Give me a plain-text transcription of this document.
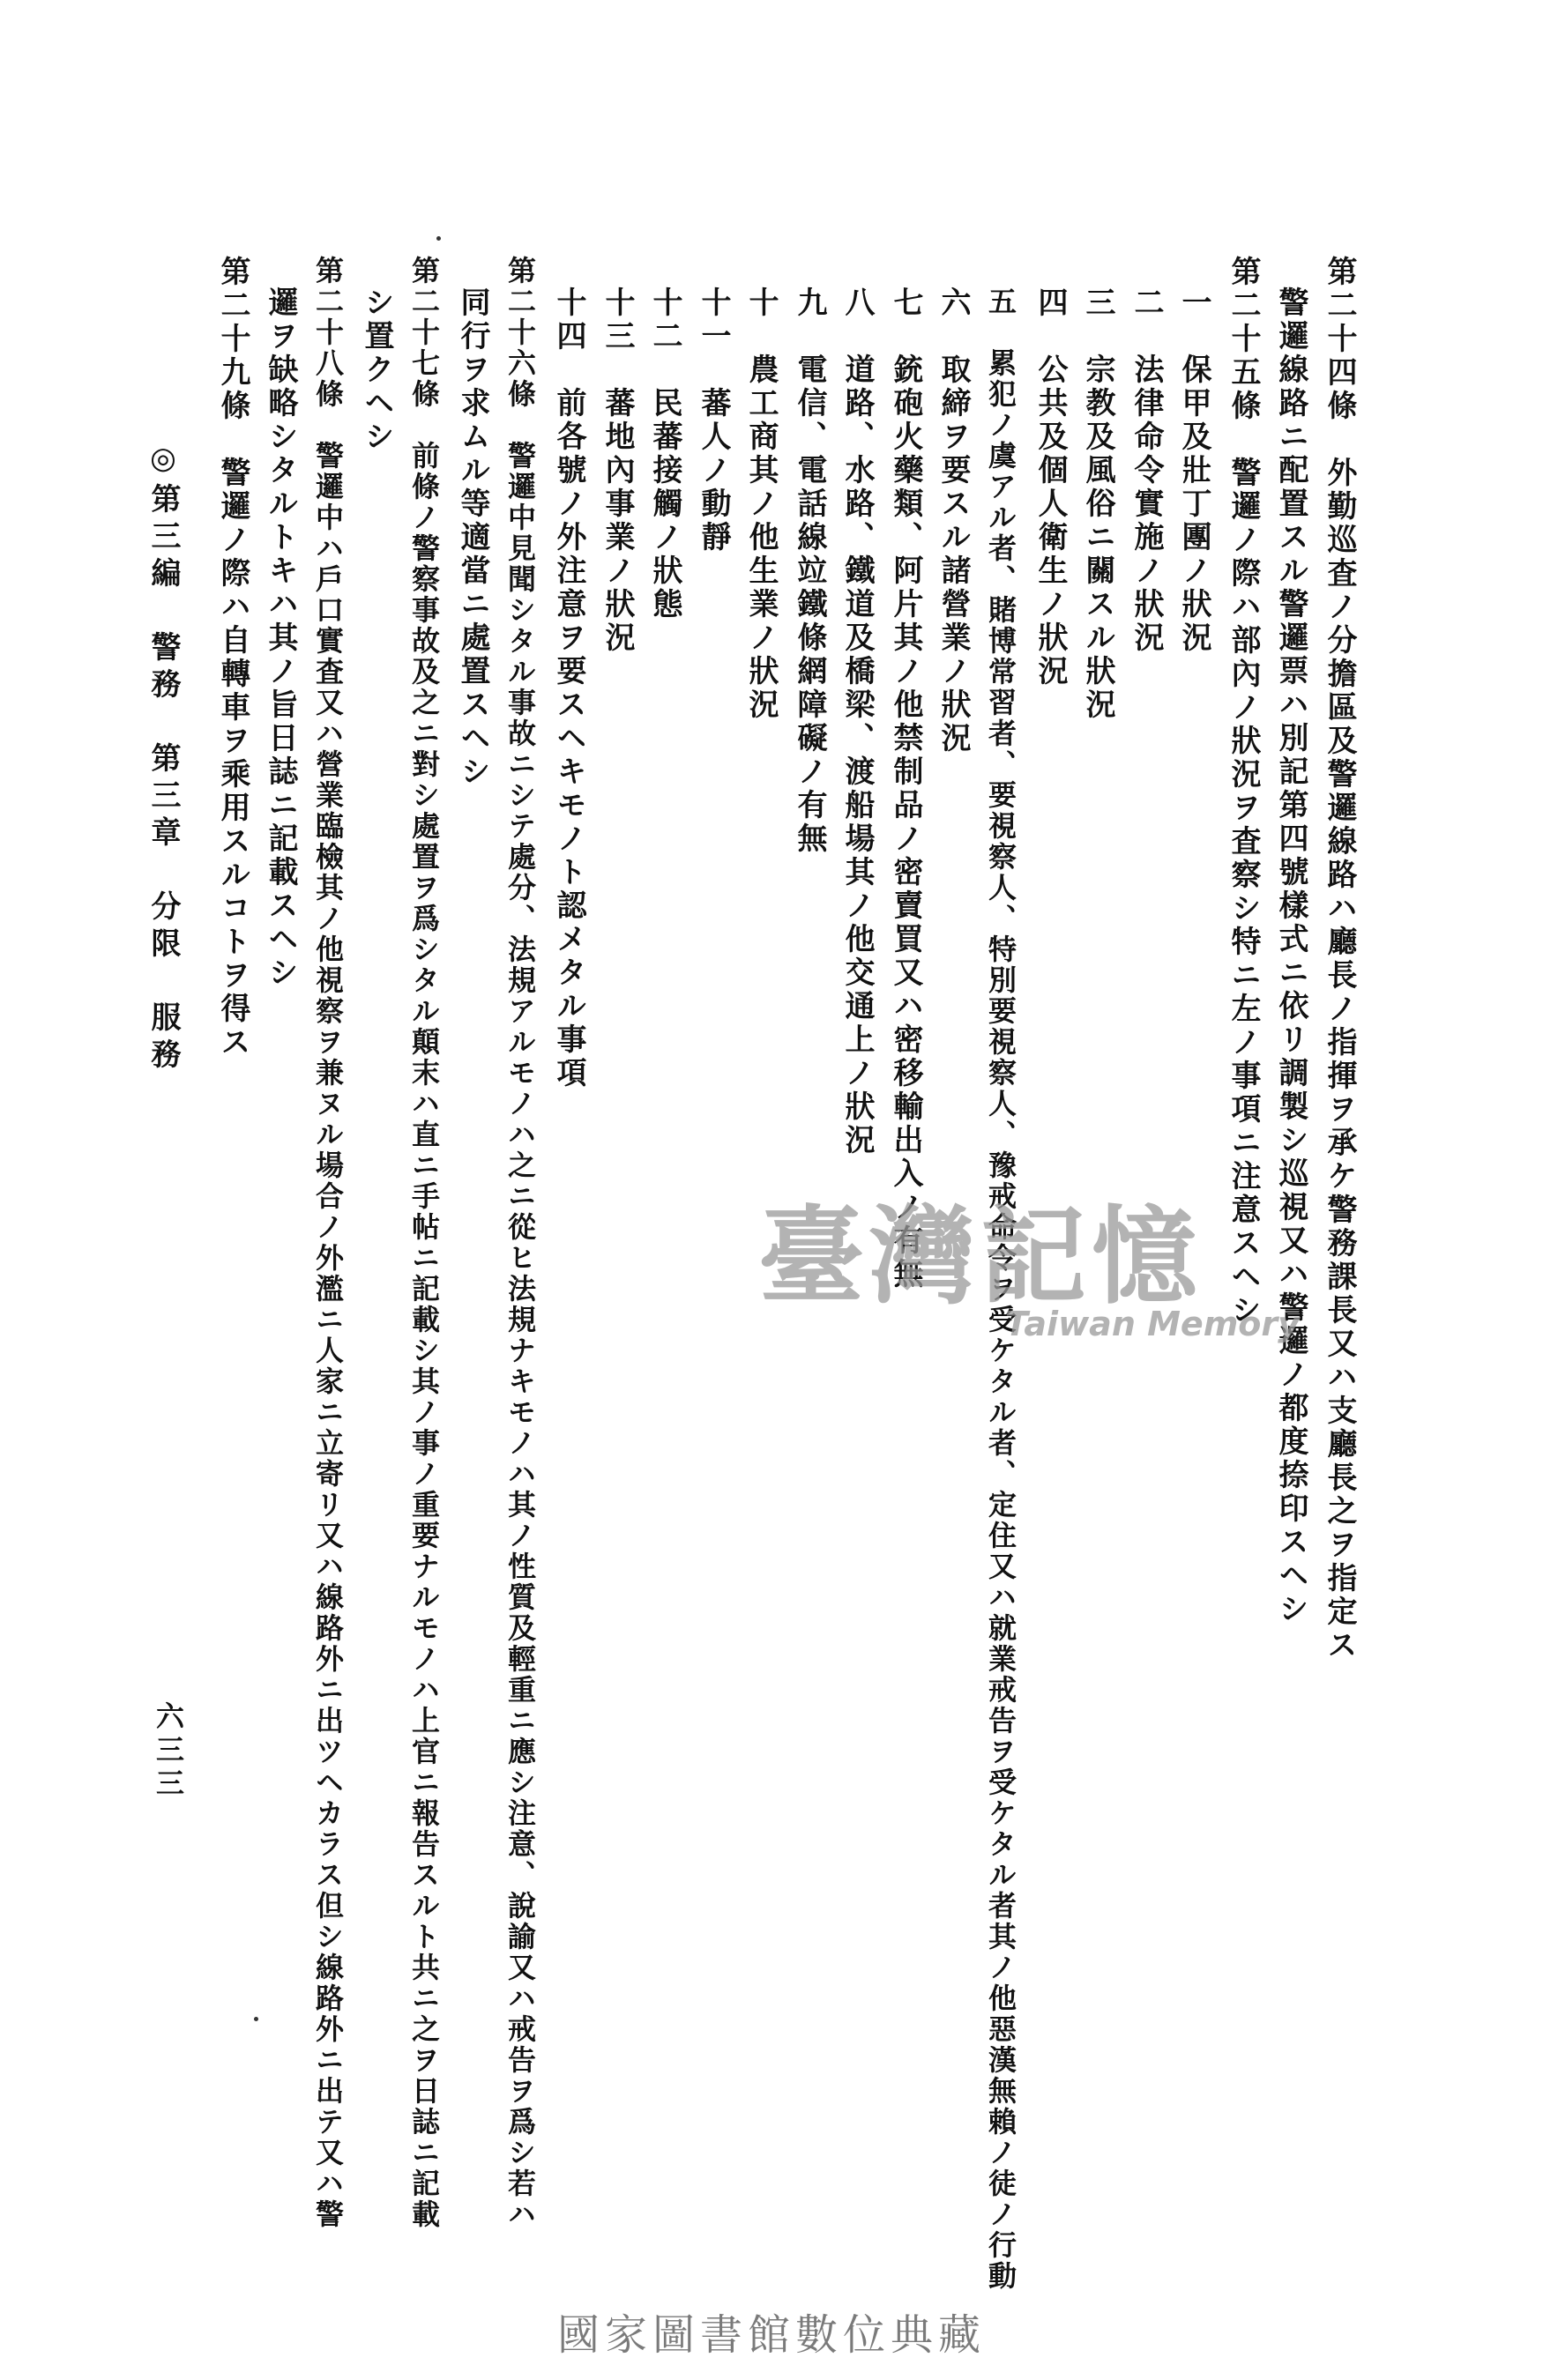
第二十四條　外勤巡査ノ分擔區及警邏線路ハ廳長ノ指揮ヲ承ケ警務課長又ハ支廳長之ヲ指定ス
警邏線路ニ配置スル警邏票ハ別記第四號樣式ニ依リ調製シ巡視又ハ警邏ノ都度捺印スヘシ
第二十五條　警邏ノ際ハ部內ノ狀況ヲ査察シ特ニ左ノ事項ニ注意スヘシ
一　保甲及壯丁團ノ狀況
二　法律命令實施ノ狀況
三　宗教及風俗ニ關スル狀況
四　公共及個人衛生ノ狀況
五　累犯ノ虞アル者、賭博常習者、要視察人、特別要視察人、豫戒命令ヲ受ケタル者、定住又ハ就業戒告ヲ受ケタル者其ノ他惡漢無賴ノ徒ノ行動
六　取締ヲ要スル諸營業ノ狀況
七　銃砲火藥類、阿片其ノ他禁制品ノ密賣買又ハ密移輸出入ノ有無
八　道路、水路、鐵道及橋梁、渡船場其ノ他交通上ノ狀況
九　電信、電話線竝鐵條網障礙ノ有無
十　農工商其ノ他生業ノ狀況
十一　蕃人ノ動靜
十二　民蕃接觸ノ狀態
十三　蕃地內事業ノ狀況
十四　前各號ノ外注意ヲ要スヘキモノト認メタル事項
第二十六條　警邏中見聞シタル事故ニシテ處分、法規アルモノハ之ニ從ヒ法規ナキモノハ其ノ性質及輕重ニ應シ注意、說諭又ハ戒告ヲ爲シ若ハ
同行ヲ求ムル等適當ニ處置スヘシ
第二十七條　前條ノ警察事故及之ニ對シ處置ヲ爲シタル顛末ハ直ニ手帖ニ記載シ其ノ事ノ重要ナルモノハ上官ニ報告スルト共ニ之ヲ日誌ニ記載
シ置クヘシ
第二十八條　警邏中ハ戶口實査又ハ營業臨檢其ノ他視察ヲ兼ヌル場合ノ外濫ニ人家ニ立寄リ又ハ線路外ニ出ツヘカラス但シ線路外ニ出テ又ハ警
邏ヲ缺略シタルトキハ其ノ旨日誌ニ記載スヘシ
第二十九條　警邏ノ際ハ自轉車ヲ乘用スルコトヲ得ス
◎第三編　警務　第三章　分限　服務
六三三
臺灣記憶
Taiwan Memory
國家圖書館數位典藏
